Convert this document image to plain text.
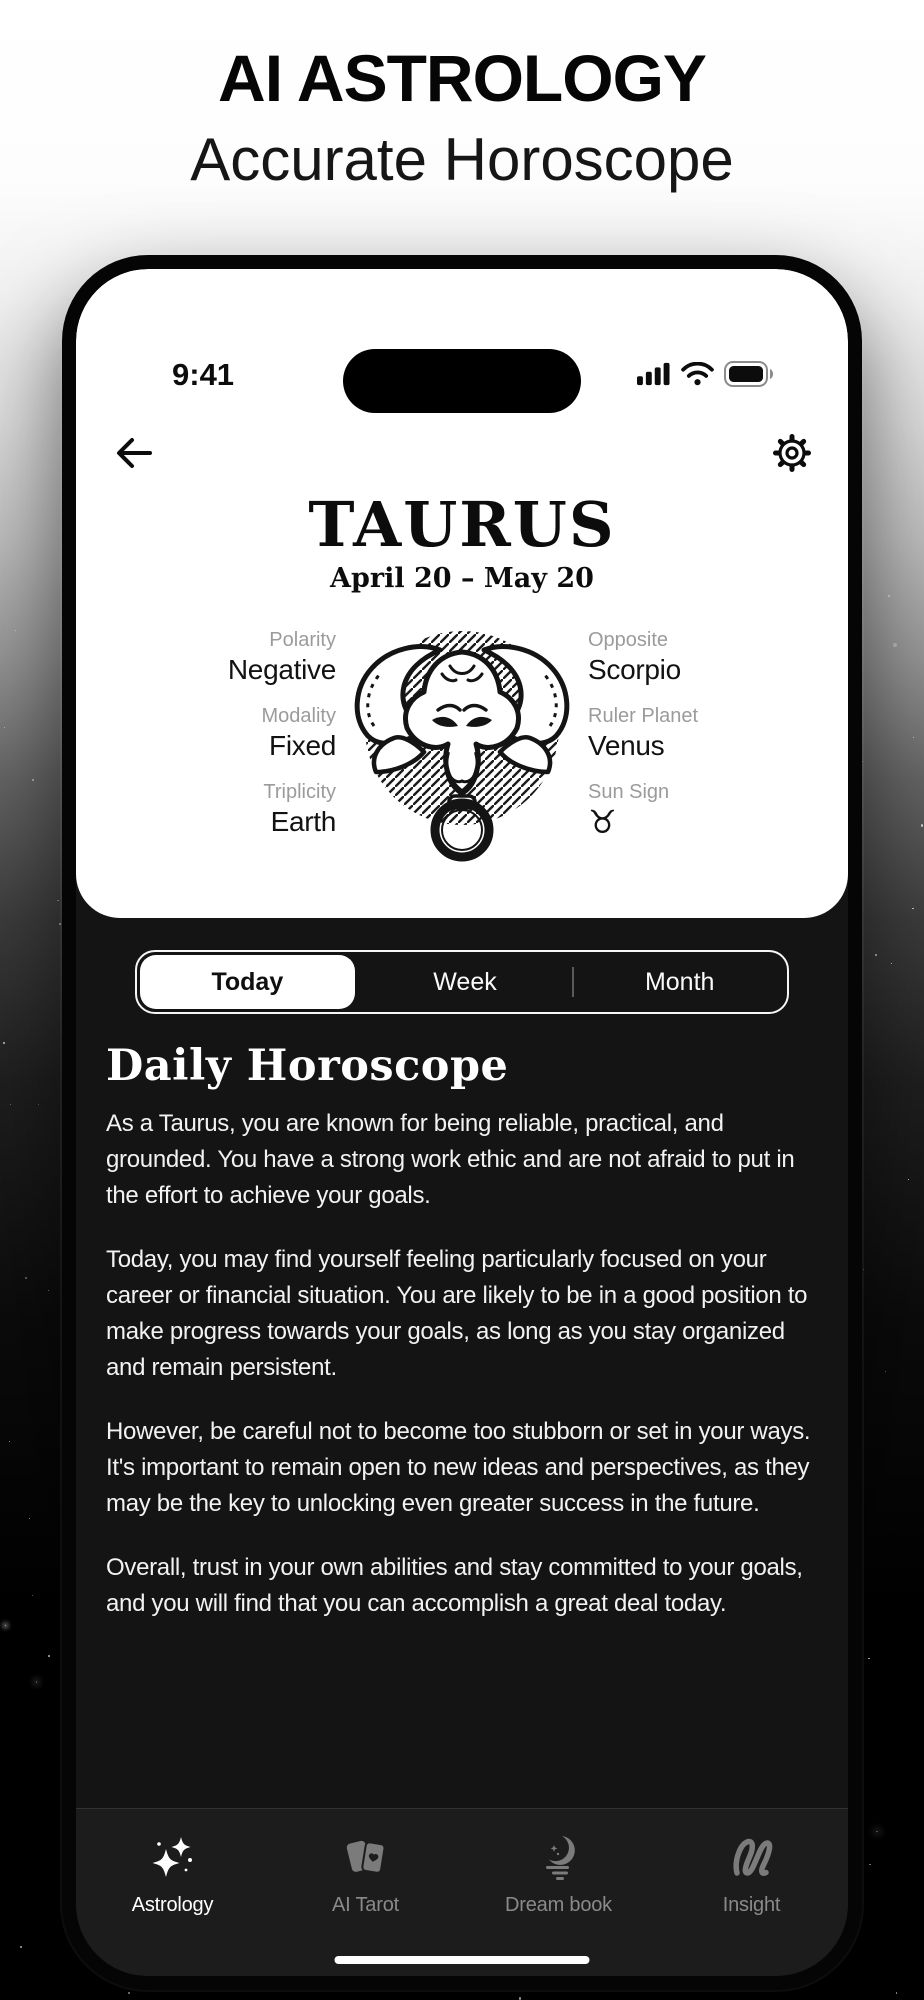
AI ASTROLOGY
Accurate Horoscope
9:41
TAURUS
April 20 – May 20
Polarity
Negative
Modality
Fixed
Triplicity
Earth
Opposite
Scorpio
Ruler Planet
Venus
Sun Sign
♉
Today	Week	Month
Daily Horoscope

As a Taurus, you are known for being reliable, practical, and grounded. You have a strong work ethic and are not afraid to put in the effort to achieve your goals.

Today, you may find yourself feeling particularly focused on your career or financial situation. You are likely to be in a good position to make progress towards your goals, as long as you stay organized and remain persistent.

However, be careful not to become too stubborn or set in your ways. It's important to remain open to new ideas and perspectives, as they may be the key to unlocking even greater success in the future.

Overall, trust in your own abilities and stay committed to your goals, and you will find that you can accomplish a great deal today.

Astrology	AI Tarot	Dream book	Insight
